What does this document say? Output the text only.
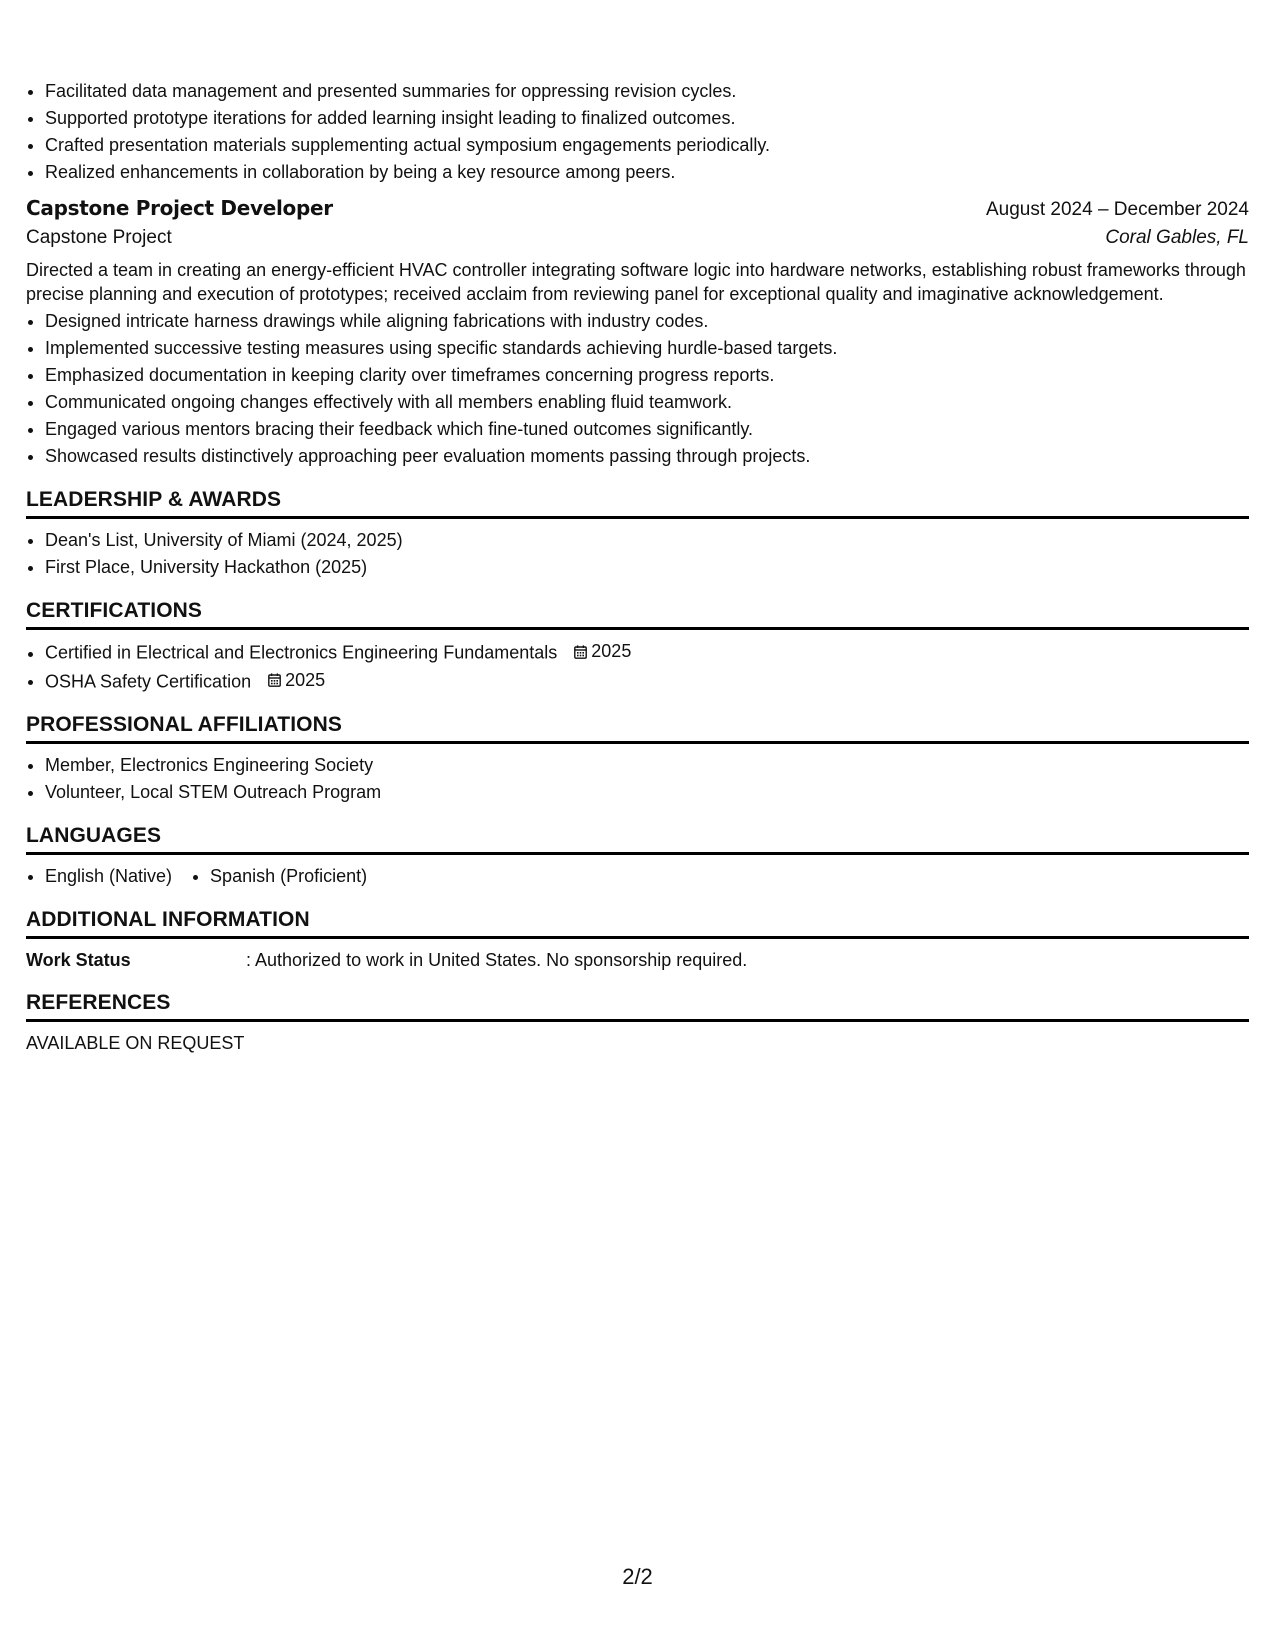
• Facilitated data management and presented summaries for oppressing revision cycles.
• Supported prototype iterations for added learning insight leading to finalized outcomes.
• Crafted presentation materials supplementing actual symposium engagements periodically.
• Realized enhancements in collaboration by being a key resource among peers.
Capstone Project Developer	August 2024 – December 2024
Capstone Project	Coral Gables, FL
Directed a team in creating an energy-efficient HVAC controller integrating software logic into hardware networks, establishing robust frameworks through precise planning and execution of prototypes; received acclaim from reviewing panel for exceptional quality and imaginative acknowledgement.
• Designed intricate harness drawings while aligning fabrications with industry codes.
• Implemented successive testing measures using specific standards achieving hurdle-based targets.
• Emphasized documentation in keeping clarity over timeframes concerning progress reports.
• Communicated ongoing changes effectively with all members enabling fluid teamwork.
• Engaged various mentors bracing their feedback which fine-tuned outcomes significantly.
• Showcased results distinctively approaching peer evaluation moments passing through projects.
LEADERSHIP & AWARDS
• Dean's List, University of Miami (2024, 2025)
• First Place, University Hackathon (2025)
CERTIFICATIONS
• Certified in Electrical and Electronics Engineering Fundamentals 2025
• OSHA Safety Certification 2025
PROFESSIONAL AFFILIATIONS
• Member, Electronics Engineering Society
• Volunteer, Local STEM Outreach Program
LANGUAGES
• English (Native)
• Spanish (Proficient)
ADDITIONAL INFORMATION
Work Status	: Authorized to work in United States. No sponsorship required.
REFERENCES
AVAILABLE ON REQUEST
2/2
